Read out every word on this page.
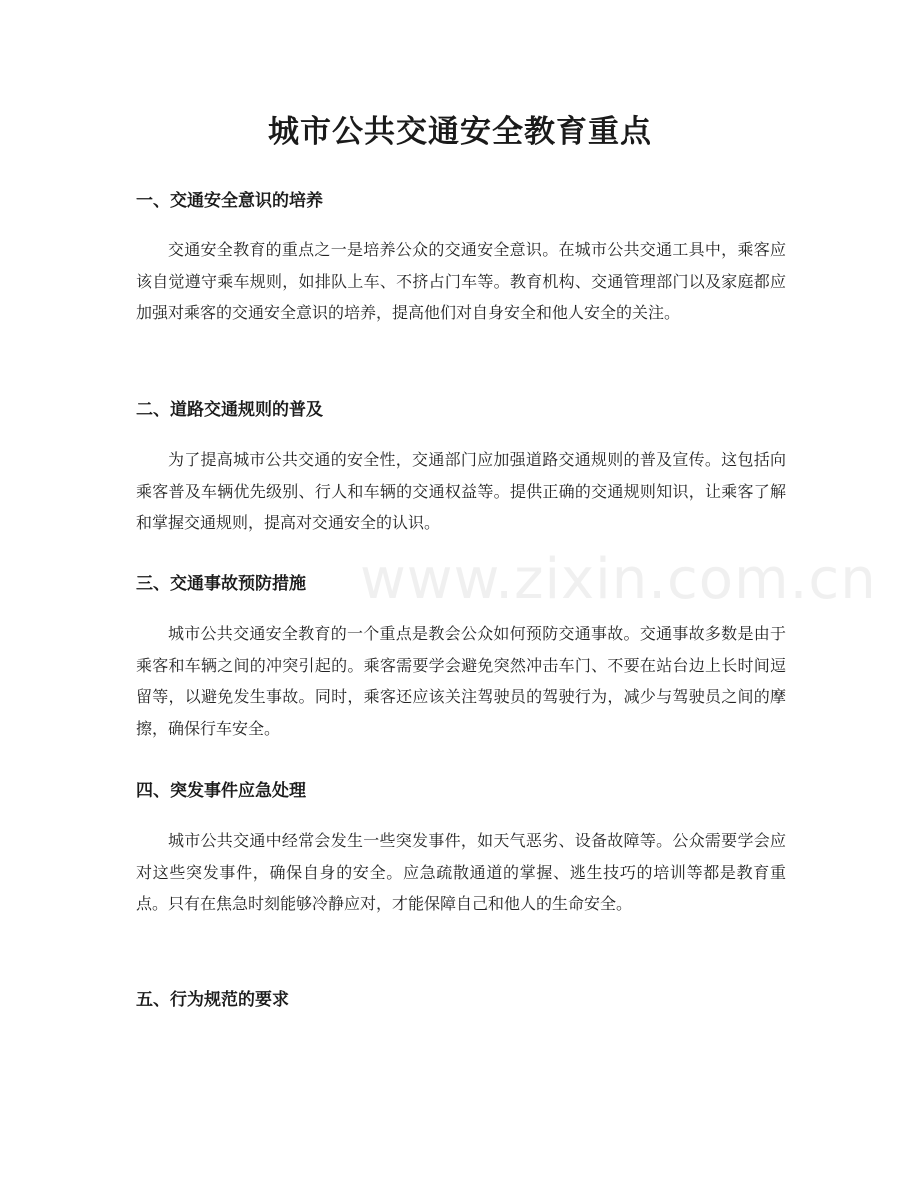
www.zixin.com.cn
城市公共交通安全教育重点
一、交通安全意识的培养

交通安全教育的重点之一是培养公众的交通安全意识。在城市公共交通工具中，乘客应该自觉遵守乘车规则，如排队上车、不挤占门车等。教育机构、交通管理部门以及家庭都应加强对乘客的交通安全意识的培养，提高他们对自身安全和他人安全的关注。

二、道路交通规则的普及

为了提高城市公共交通的安全性，交通部门应加强道路交通规则的普及宣传。这包括向乘客普及车辆优先级别、行人和车辆的交通权益等。提供正确的交通规则知识，让乘客了解和掌握交通规则，提高对交通安全的认识。

三、交通事故预防措施

城市公共交通安全教育的一个重点是教会公众如何预防交通事故。交通事故多数是由于乘客和车辆之间的冲突引起的。乘客需要学会避免突然冲击车门、不要在站台边上长时间逗留等，以避免发生事故。同时，乘客还应该关注驾驶员的驾驶行为，减少与驾驶员之间的摩擦，确保行车安全。

四、突发事件应急处理

城市公共交通中经常会发生一些突发事件，如天气恶劣、设备故障等。公众需要学会应对这些突发事件，确保自身的安全。应急疏散通道的掌握、逃生技巧的培训等都是教育重点。只有在焦急时刻能够冷静应对，才能保障自己和他人的生命安全。

五、行为规范的要求
